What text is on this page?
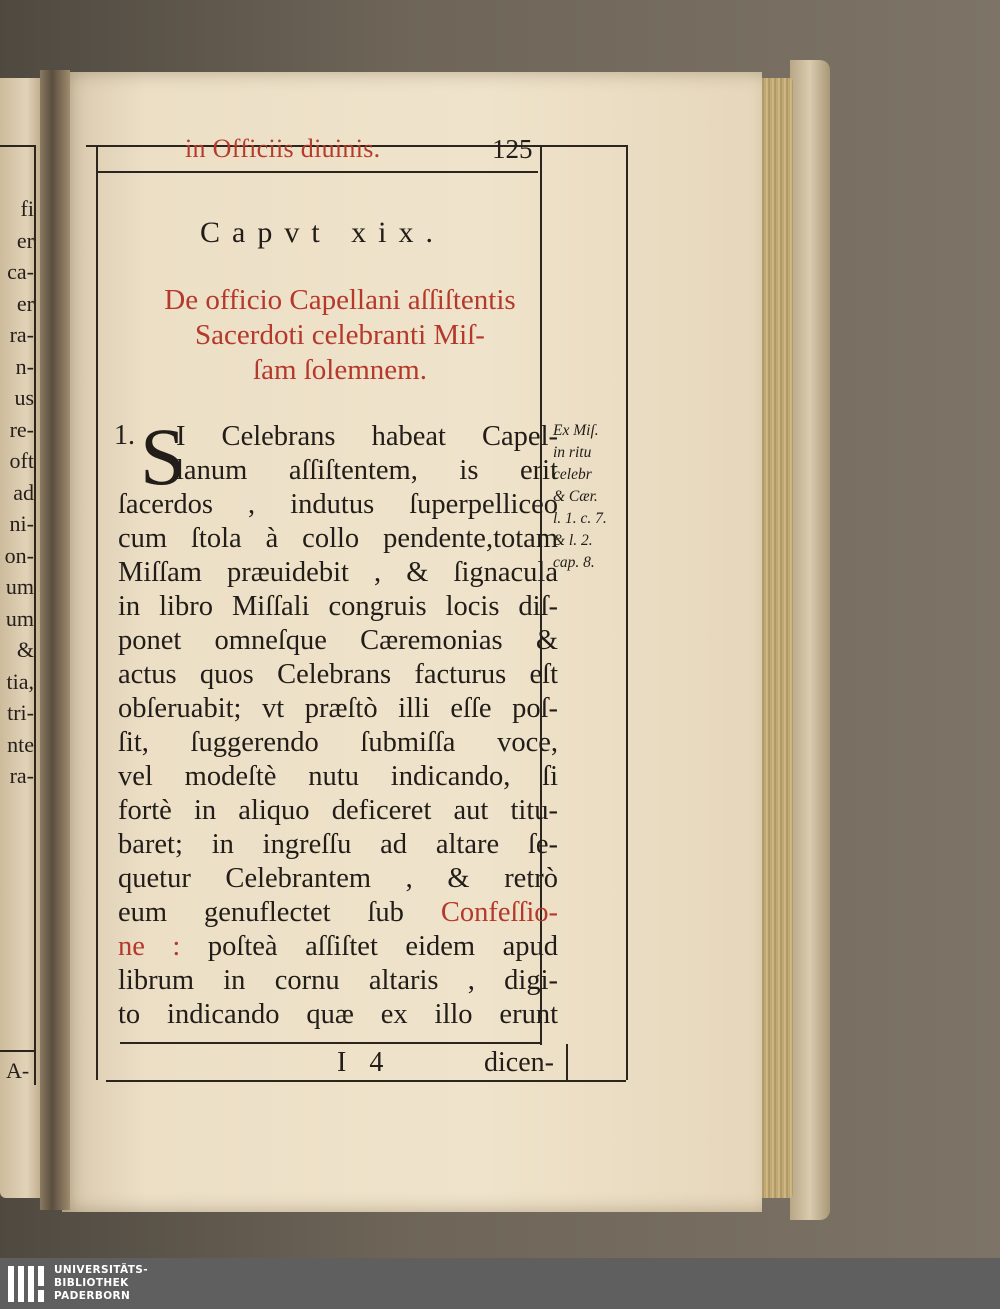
fi
er
ca-
er
ra-
n-
us
re-
oft
ad
ni-
on-
um
um
&
tia,
tri-
nte
ra-
A-
in Officiis diuinis.	125
Capvt xix.
De officio Capellani aſſiſtentis
Sacerdoti celebranti Miſ-
ſam ſolemnem.
1. S
I Celebrans habeat Capel-
lanum aſſiſtentem, is erit
ſacerdos , indutus ſuperpelliceo
cum ſtola à collo pendente,totam
Miſſam præuidebit , & ſignacula
in libro Miſſali congruis locis diſ-
ponet omneſque Cæremonias &
actus quos Celebrans facturus eſt
obſeruabit; vt præſtò illi eſſe poſ-
ſit, ſuggerendo ſubmiſſa voce,
vel modeſtè nutu indicando, ſi
fortè in aliquo deficeret aut titu-
baret; in ingreſſu ad altare ſe-
quetur Celebrantem , & retrò
eum genuflectet ſub Confeſſio-
ne : poſteà aſſiſtet eidem apud
librum in cornu altaris , digi-
to indicando quæ ex illo erunt
Ex Miſ.
in ritu
celebr
& Cær.
l. 1. c. 7.
& l. 2.
cap. 8.
I 4	dicen-
UNIVERSITÄTS-
BIBLIOTHEK
PADERBORN
